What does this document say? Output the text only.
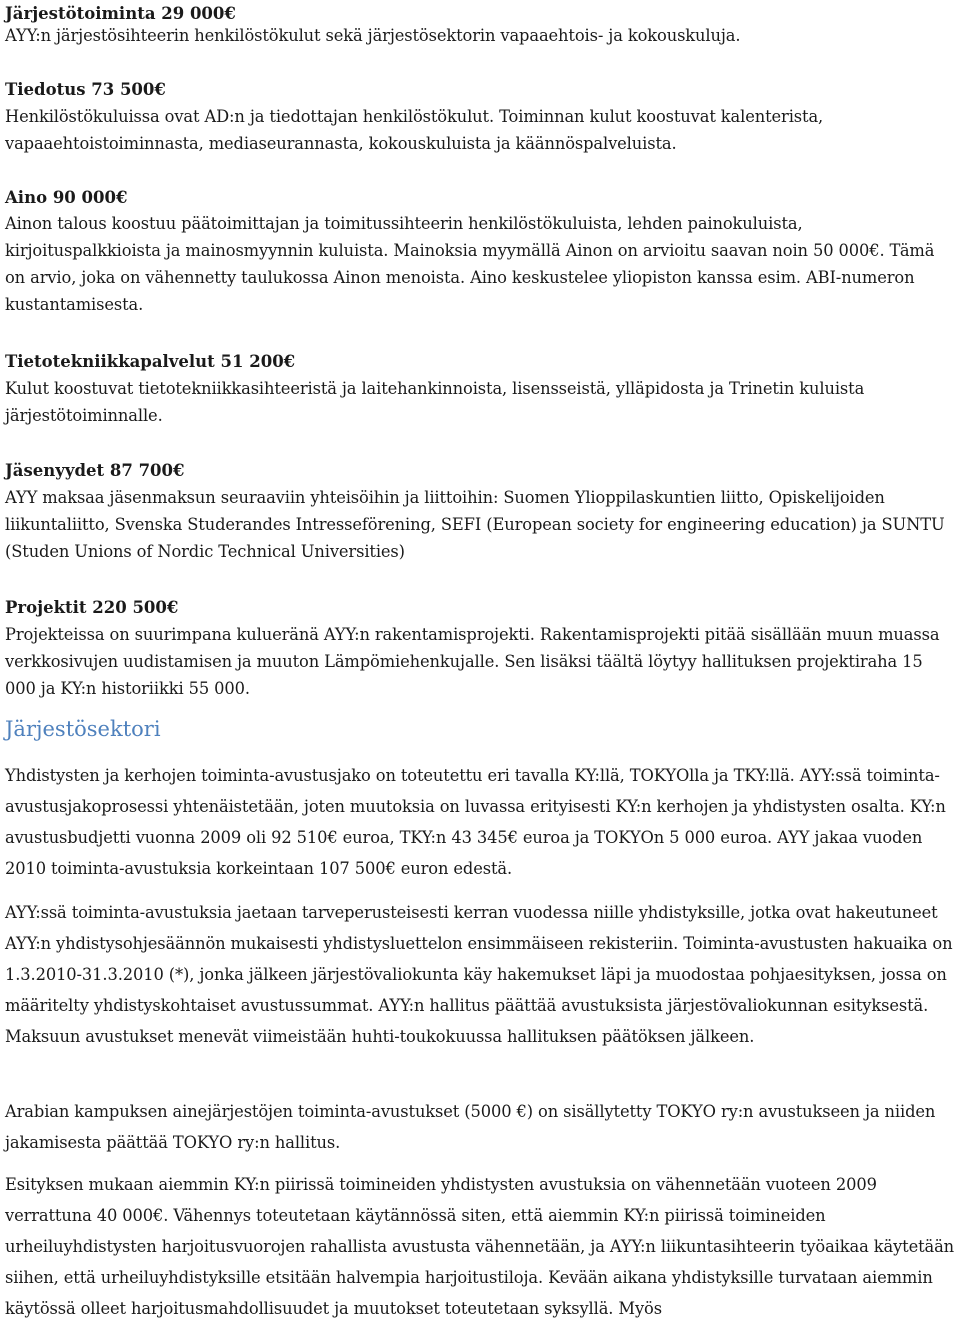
Järjestötoiminta 29 000€

AYY:n järjestösihteerin henkilöstökulut sekä järjestösektorin vapaaehtois- ja kokouskuluja.

Tiedotus 73 500€

Henkilöstökuluissa ovat AD:n ja tiedottajan henkilöstökulut. Toiminnan kulut koostuvat kalenterista, vapaaehtoistoiminnasta, mediaseurannasta, kokouskuluista ja käännöspalveluista.

Aino 90 000€

Ainon talous koostuu päätoimittajan ja toimitussihteerin henkilöstökuluista, lehden painokuluista, kirjoituspalkkioista ja mainosmyynnin kuluista. Mainoksia myymällä Ainon on arvioitu saavan noin 50 000€. Tämä on arvio, joka on vähennetty taulukossa Ainon menoista. Aino keskustelee yliopiston kanssa esim. ABI-numeron kustantamisesta.

Tietotekniikkapalvelut 51 200€

Kulut koostuvat tietotekniikkasihteeristä ja laitehankinnoista, lisensseistä, ylläpidosta ja Trinetin kuluista järjestötoiminnalle.

Jäsenyydet 87 700€

AYY maksaa jäsenmaksun seuraaviin yhteisöihin ja liittoihin: Suomen Ylioppilaskuntien liitto, Opiskelijoiden liikuntaliitto, Svenska Studerandes Intresseförening, SEFI (European society for engineering education) ja SUNTU (Studen Unions of Nordic Technical Universities)

Projektit 220 500€

Projekteissa on suurimpana kulueränä AYY:n rakentamisprojekti. Rakentamisprojekti pitää sisällään muun muassa verkkosivujen uudistamisen ja muuton Lämpömiehenkujalle. Sen lisäksi täältä löytyy hallituksen projektiraha 15 000 ja KY:n historiikki 55 000.

Järjestösektori

Yhdistysten ja kerhojen toiminta-avustusjako on toteutettu eri tavalla KY:llä, TOKYOlla ja TKY:llä. AYY:ssä toiminta-avustusjakoprosessi yhtenäistetään, joten muutoksia on luvassa erityisesti KY:n kerhojen ja yhdistysten osalta. KY:n avustusbudjetti vuonna 2009 oli 92 510€ euroa, TKY:n 43 345€ euroa ja TOKYOn 5 000 euroa. AYY jakaa vuoden 2010 toiminta-avustuksia korkeintaan 107 500€ euron edestä.

AYY:ssä toiminta-avustuksia jaetaan tarveperusteisesti kerran vuodessa niille yhdistyksille, jotka ovat hakeutuneet AYY:n yhdistysohjesäännön mukaisesti yhdistysluettelon ensimmäiseen rekisteriin. Toiminta-avustusten hakuaika on 1.3.2010-31.3.2010 (*), jonka jälkeen järjestövaliokunta käy hakemukset läpi ja muodostaa pohjaesityksen, jossa on määritelty yhdistyskohtaiset avustussummat. AYY:n hallitus päättää avustuksista järjestövaliokunnan esityksestä. Maksuun avustukset menevät viimeistään huhti-toukokuussa hallituksen päätöksen jälkeen.

Arabian kampuksen ainejärjestöjen toiminta-avustukset (5000 €) on sisällytetty TOKYO ry:n avustukseen ja niiden jakamisesta päättää TOKYO ry:n hallitus.

Esityksen mukaan aiemmin KY:n piirissä toimineiden yhdistysten avustuksia on vähennetään vuoteen 2009 verrattuna 40 000€. Vähennys toteutetaan käytännössä siten, että aiemmin KY:n piirissä toimineiden urheiluyhdistysten harjoitusvuorojen rahallista avustusta vähennetään, ja AYY:n liikuntasihteerin työaikaa käytetään siihen, että urheiluyhdistyksille etsitään halvempia harjoitustiloja. Kevään aikana yhdistyksille turvataan aiemmin käytössä olleet harjoitusmahdollisuudet ja muutokset toteutetaan syksyllä. Myös
